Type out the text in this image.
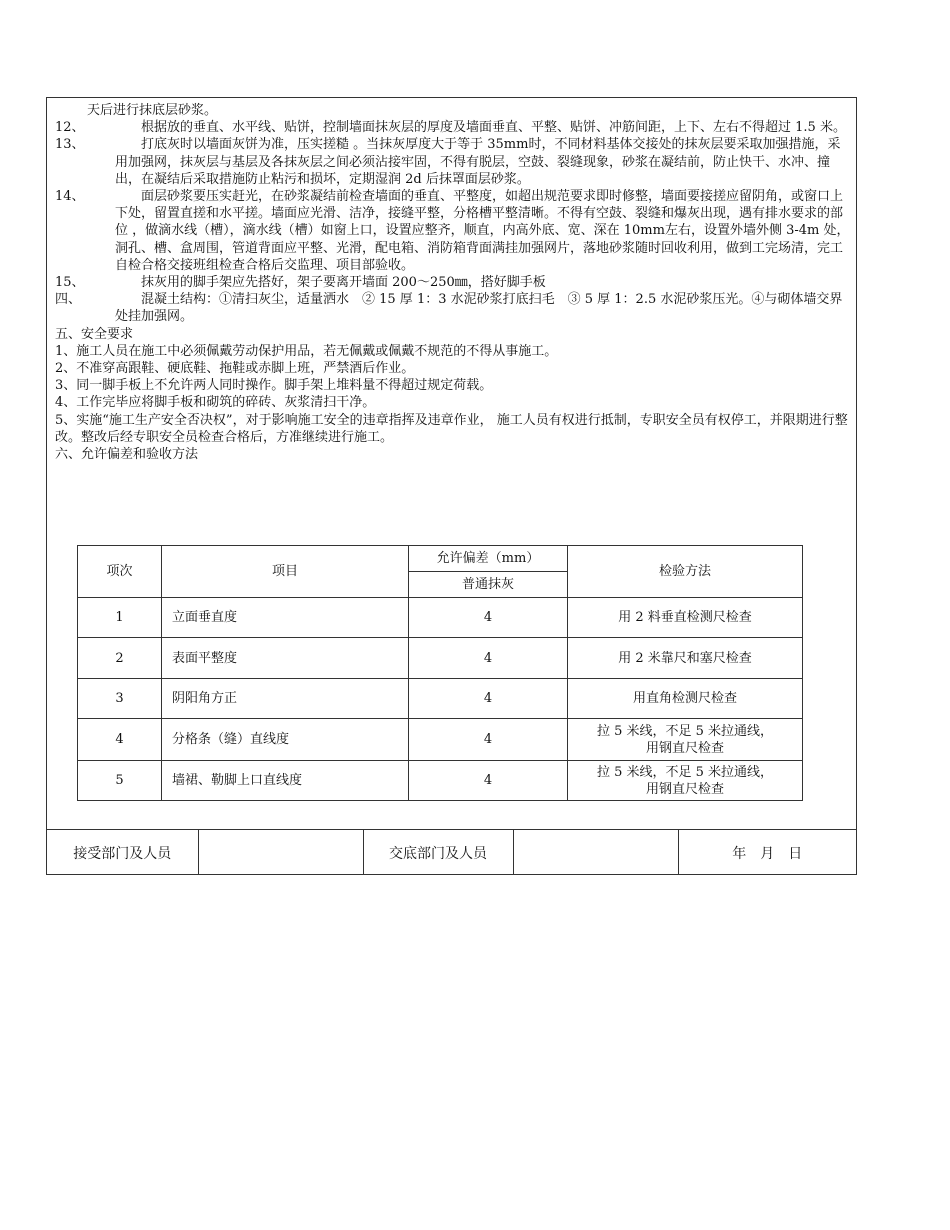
天后进行抹底层砂浆。

12、	根据放的垂直、水平线、贴饼，控制墙面抹灰层的厚度及墙面垂直、平整、贴饼、冲筋间距，上下、左右不得超过 1.5 米。
13、	打底灰时以墙面灰饼为准，压实搓糙 。当抹灰厚度大于等于 35mm时，不同材料基体交接处的抹灰层要采取加强措施，采用加强网，抹灰层与基层及各抹灰层之间必须沾接牢固，不得有脱层，空鼓、裂缝现象，砂浆在凝结前，防止快干、水冲、撞出，在凝结后采取措施防止粘污和损坏，定期湿润 2d 后抹罩面层砂浆。
14、	面层砂浆要压实赶光，在砂浆凝结前检查墙面的垂直、平整度，如超出规范要求即时修整，墙面要接搓应留阴角，或窗口上下处，留置直搓和水平搓。墙面应光滑、洁净，接缝平整，分格槽平整清晰。不得有空鼓、裂缝和爆灰出现，遇有排水要求的部位 ，做滴水线（槽），滴水线（槽）如窗上口，设置应整齐，顺直，内高外底、宽、深在 10mm左右，设置外墙外侧 3-4m 处，洞孔、槽、盒周围，管道背面应平整、光滑，配电箱、消防箱背面满挂加强网片，落地砂浆随时回收利用，做到工完场清，完工自检合格交接班组检查合格后交监理、项目部验收。
15、	抹灰用的脚手架应先搭好，架子要离开墙面 200～250㎜，搭好脚手板
四、	混凝土结构：①清扫灰尘，适量洒水　② 15 厚 1：3 水泥砂浆打底扫毛　③ 5 厚 1：2.5 水泥砂浆压光。④与砌体墙交界处挂加强网。

五、安全要求

1、施工人员在施工中必须佩戴劳动保护用品，若无佩戴或佩戴不规范的不得从事施工。

2、不准穿高跟鞋、硬底鞋、拖鞋或赤脚上班，严禁酒后作业。

3、同一脚手板上不允许两人同时操作。脚手架上堆料量不得超过规定荷载。

4、工作完毕应将脚手板和砌筑的碎砖、灰浆清扫干净。

5、实施“施工生产安全否决权”，对于影响施工安全的违章指挥及违章作业， 施工人员有权进行抵制，专职安全员有权停工，并限期进行整改。整改后经专职安全员检查合格后，方准继续进行施工。

六、允许偏差和验收方法

项次	项目	允许偏差（mm）	检验方法
		普通抹灰	
1	立面垂直度	4	用 2 料垂直检测尺检查

2	表面平整度	4	用 2 米靠尺和塞尺检查

3	阴阳角方正	4	用直角检测尺检查

4	分格条（缝）直线度	4	拉 5 米线，不足 5 米拉通线，
用钢直尺检查

5	墙裙、勒脚上口直线度	4	拉 5 米线，不足 5 米拉通线，
用钢直尺检查
接受部门及人员		交底部门及人员		年　月　日
